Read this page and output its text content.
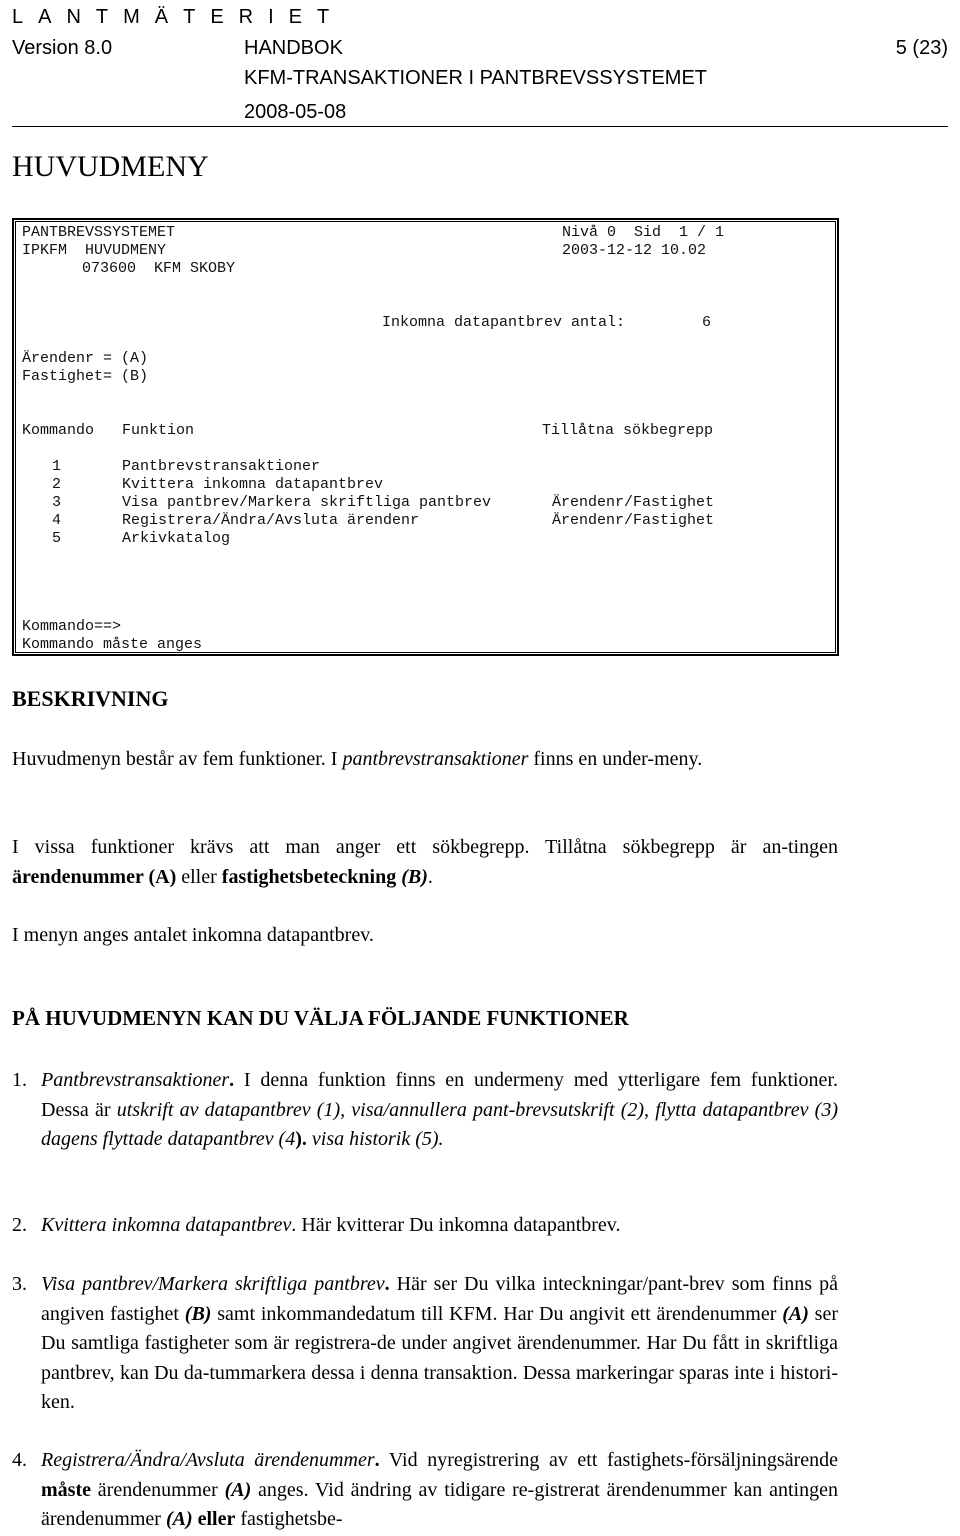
LANTMÄTERIET
Version 8.0	HANDBOK
KFM-TRANSAKTIONER I PANTBREVSSYSTEMET
2008-05-08
5 (23)
HUVUDMENY
PANTBREVSSYSTEMET	Nivå 0  Sid  1 / 1
IPKFM  HUVUDMENY	2003-12-12 10.02
073600  KFM SKOBY
Inkomna datapantbrev antal:	6
Ärendenr = (A)
Fastighet= (B)
Kommando Funktion	Tillåtna sökbegrepp
1	Pantbrevstransaktioner
2	Kvittera inkomna datapantbrev
3	Visa pantbrev/Markera skriftliga pantbrev	Ärendenr/Fastighet
4	Registrera/Ändra/Avsluta ärendenr	Ärendenr/Fastighet
5	Arkivkatalog
Kommando==>
Kommando måste anges
BESKRIVNING

Huvudmenyn består av fem funktioner. I pantbrevstransaktioner finns en under-meny.

I vissa funktioner krävs att man anger ett sökbegrepp. Tillåtna sökbegrepp är an-tingen ärendenummer (A) eller fastighetsbeteckning (B).

I menyn anges antalet inkomna datapantbrev.

PÅ HUVUDMENYN KAN DU VÄLJA FÖLJANDE FUNKTIONER
1. Pantbrevstransaktioner. I denna funktion finns en undermeny med ytterligare fem funktioner. Dessa är utskrift av datapantbrev (1), visa/annullera pant-brevsutskrift (2), flytta datapantbrev (3) dagens flyttade datapantbrev (4). visa historik (5).
2. Kvittera inkomna datapantbrev. Här kvitterar Du inkomna datapantbrev.
3. Visa pantbrev/Markera skriftliga pantbrev. Här ser Du vilka inteckningar/pant-brev som finns på angiven fastighet (B) samt inkommandedatum till KFM. Har Du angivit ett ärendenummer (A) ser Du samtliga fastigheter som är registrera-de under angivet ärendenummer. Har Du fått in skriftliga pantbrev, kan Du da-tummarkera dessa i denna transaktion. Dessa markeringar sparas inte i histori-ken.
4. Registrera/Ändra/Avsluta ärendenummer. Vid nyregistrering av ett fastighets-försäljningsärende måste ärendenummer (A) anges. Vid ändring av tidigare re-gistrerat ärendenummer kan antingen ärendenummer (A) eller fastighetsbe-
